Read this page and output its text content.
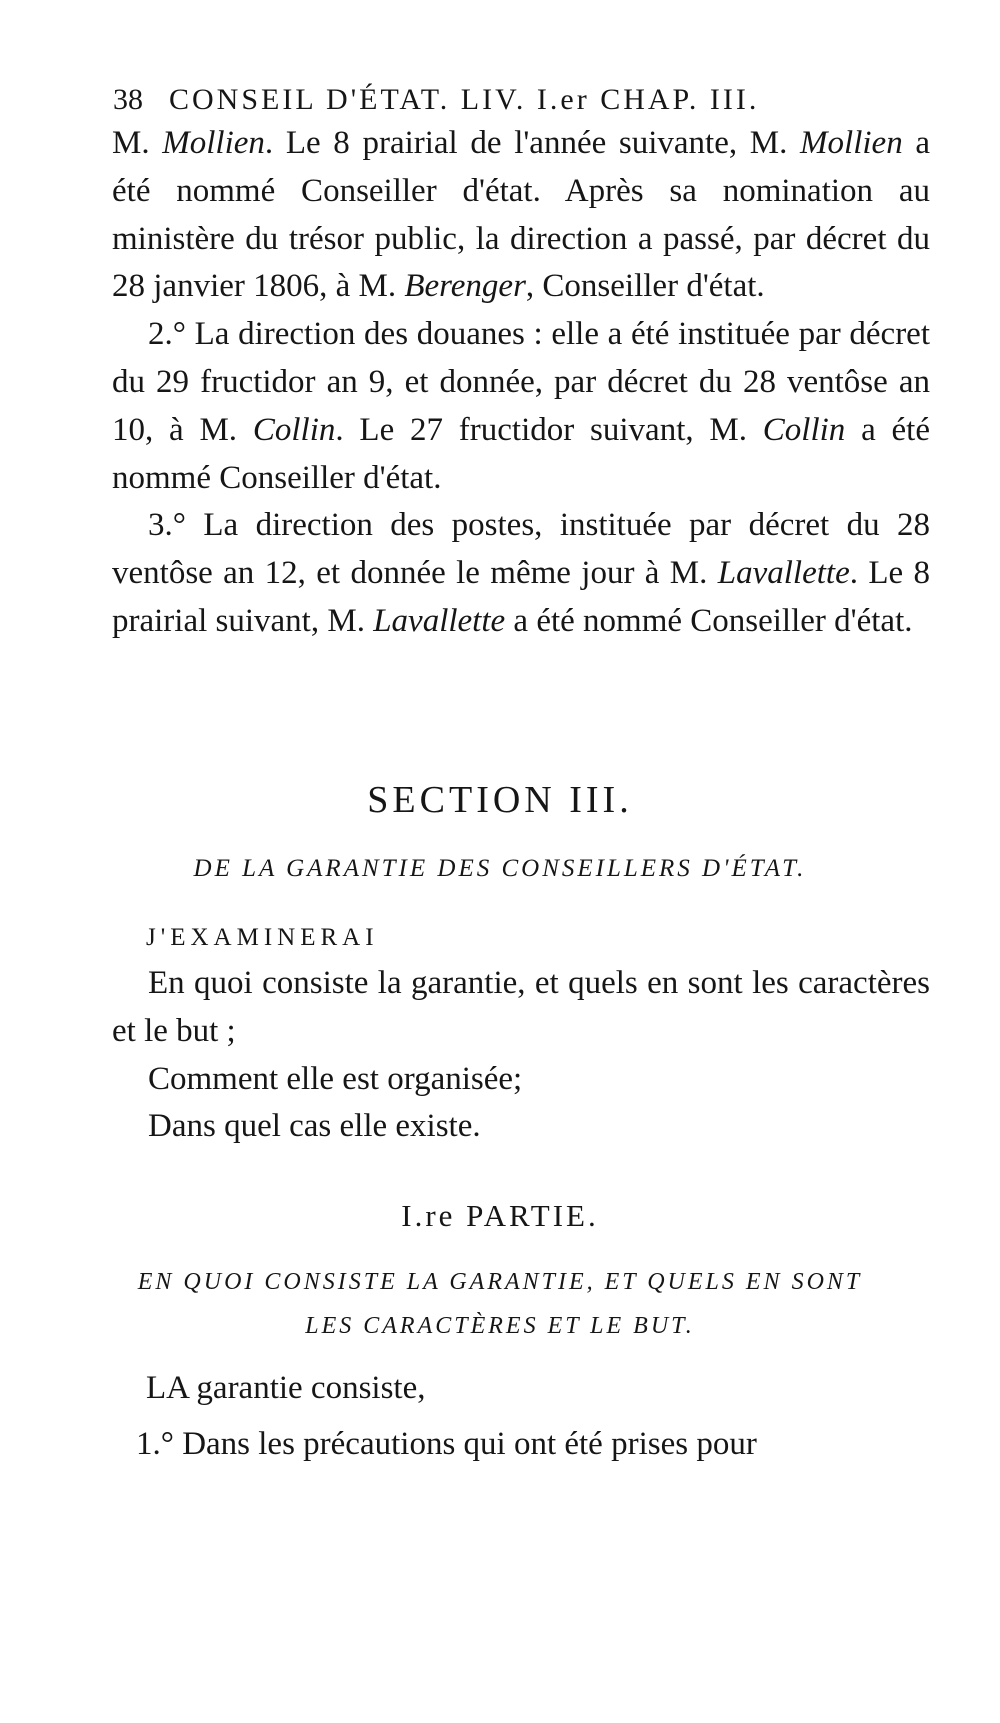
38 CONSEIL D'ÉTAT. LIV. I.er CHAP. III.

M. Mollien. Le 8 prairial de l'année suivante, M. Mollien a été nommé Conseiller d'état. Après sa nomination au ministère du trésor public, la direction a passé, par décret du 28 janvier 1806, à M. Berenger, Conseiller d'état.

2.° La direction des douanes : elle a été instituée par décret du 29 fructidor an 9, et donnée, par décret du 28 ventôse an 10, à M. Collin. Le 27 fructidor suivant, M. Collin a été nommé Conseiller d'état.

3.° La direction des postes, instituée par décret du 28 ventôse an 12, et donnée le même jour à M. Lavallette. Le 8 prairial suivant, M. Lavallette a été nommé Conseiller d'état.

SECTION III.
DE LA GARANTIE DES CONSEILLERS D'ÉTAT.
J'EXAMINERAI

En quoi consiste la garantie, et quels en sont les caractères et le but ;

Comment elle est organisée;

Dans quel cas elle existe.

I.re PARTIE.
EN QUOI CONSISTE LA GARANTIE, ET QUELS EN SONT
LES CARACTÈRES ET LE BUT.
LA garantie consiste,
1.° Dans les précautions qui ont été prises pour
